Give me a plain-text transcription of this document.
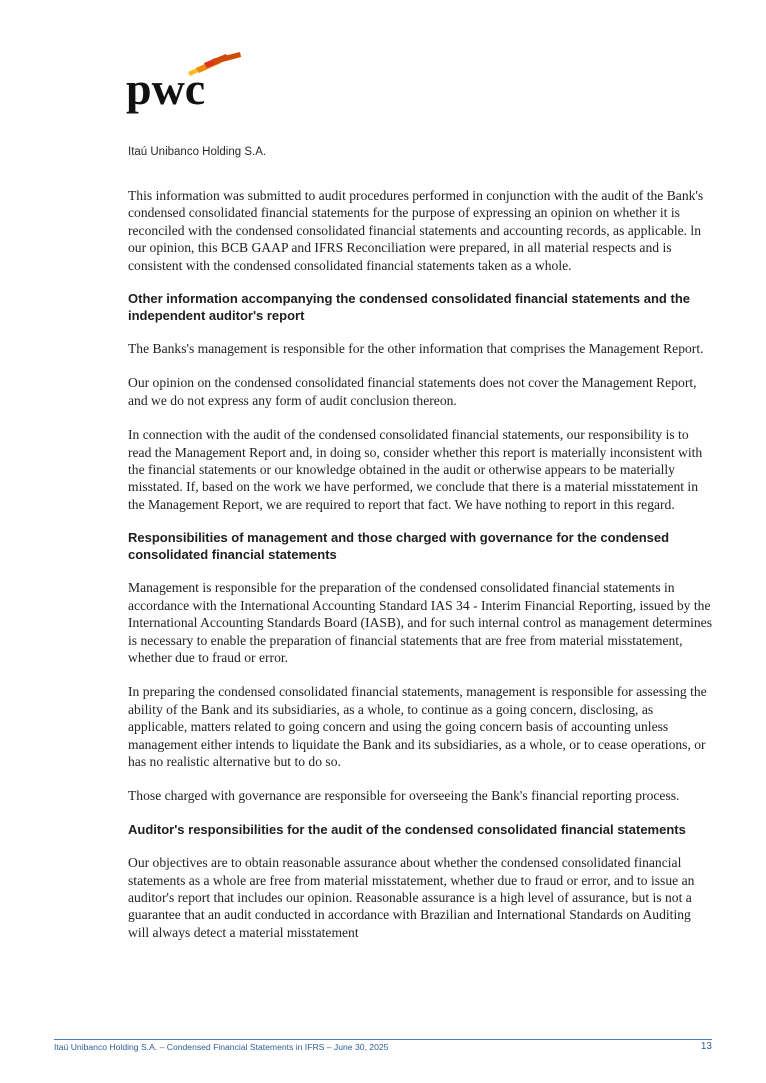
pwc
Itaú Unibanco Holding S.A.

This information was submitted to audit procedures performed in conjunction with the audit of the Bank's condensed consolidated financial statements for the purpose of expressing an opinion on whether it is reconciled with the condensed consolidated financial statements and accounting records, as applicable. ln our opinion, this BCB GAAP and IFRS Reconciliation were prepared, in all material respects and is consistent with the condensed consolidated financial statements taken as a whole.

Other information accompanying the condensed consolidated financial statements and the independent auditor's report

The Banks's management is responsible for the other information that comprises the Management Report.

Our opinion on the condensed consolidated financial statements does not cover the Management Report, and we do not express any form of audit conclusion thereon.

In connection with the audit of the condensed consolidated financial statements, our responsibility is to read the Management Report and, in doing so, consider whether this report is materially inconsistent with the financial statements or our knowledge obtained in the audit or otherwise appears to be materially misstated. If, based on the work we have performed, we conclude that there is a material misstatement in the Management Report, we are required to report that fact. We have nothing to report in this regard.

Responsibilities of management and those charged with governance for the condensed consolidated financial statements

Management is responsible for the preparation of the condensed consolidated financial statements in accordance with the International Accounting Standard IAS 34 - Interim Financial Reporting, issued by the International Accounting Standards Board (IASB), and for such internal control as management determines is necessary to enable the preparation of financial statements that are free from material misstatement, whether due to fraud or error.

In preparing the condensed consolidated financial statements, management is responsible for assessing the ability of the Bank and its subsidiaries, as a whole, to continue as a going concern, disclosing, as applicable, matters related to going concern and using the going concern basis of accounting unless management either intends to liquidate the Bank and its subsidiaries, as a whole, or to cease operations, or has no realistic alternative but to do so.

Those charged with governance are responsible for overseeing the Bank's financial reporting process.

Auditor's responsibilities for the audit of the condensed consolidated financial statements

Our objectives are to obtain reasonable assurance about whether the condensed consolidated financial statements as a whole are free from material misstatement, whether due to fraud or error, and to issue an auditor's report that includes our opinion. Reasonable assurance is a high level of assurance, but is not a guarantee that an audit conducted in accordance with Brazilian and International Standards on Auditing will always detect a material misstatement

Itaú Unibanco Holding S.A. – Condensed Financial Statements in IFRS – June 30, 2025	13
